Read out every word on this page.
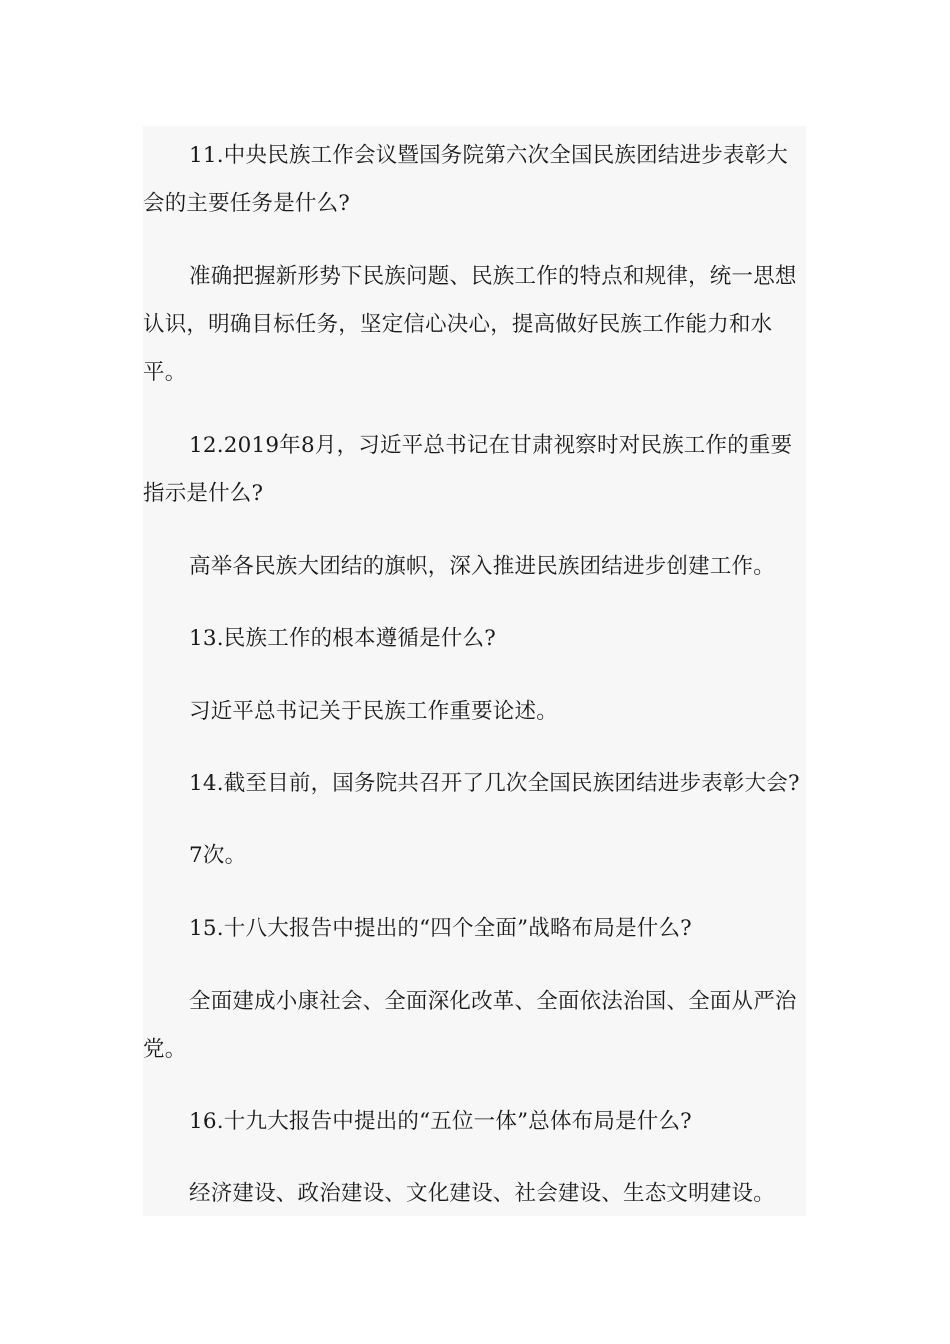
11.中央民族工作会议暨国务院第六次全国民族团结进步表彰大会的主要任务是什么?

准确把握新形势下民族问题、民族工作的特点和规律，统一思想认识，明确目标任务，坚定信心决心，提高做好民族工作能力和水平。

12.2019年8月，习近平总书记在甘肃视察时对民族工作的重要指示是什么?

高举各民族大团结的旗帜，深入推进民族团结进步创建工作。

13.民族工作的根本遵循是什么?

习近平总书记关于民族工作重要论述。

14.截至目前，国务院共召开了几次全国民族团结进步表彰大会?

7次。

15.十八大报告中提出的“四个全面”战略布局是什么?

全面建成小康社会、全面深化改革、全面依法治国、全面从严治党。

16.十九大报告中提出的“五位一体”总体布局是什么?

经济建设、政治建设、文化建设、社会建设、生态文明建设。
